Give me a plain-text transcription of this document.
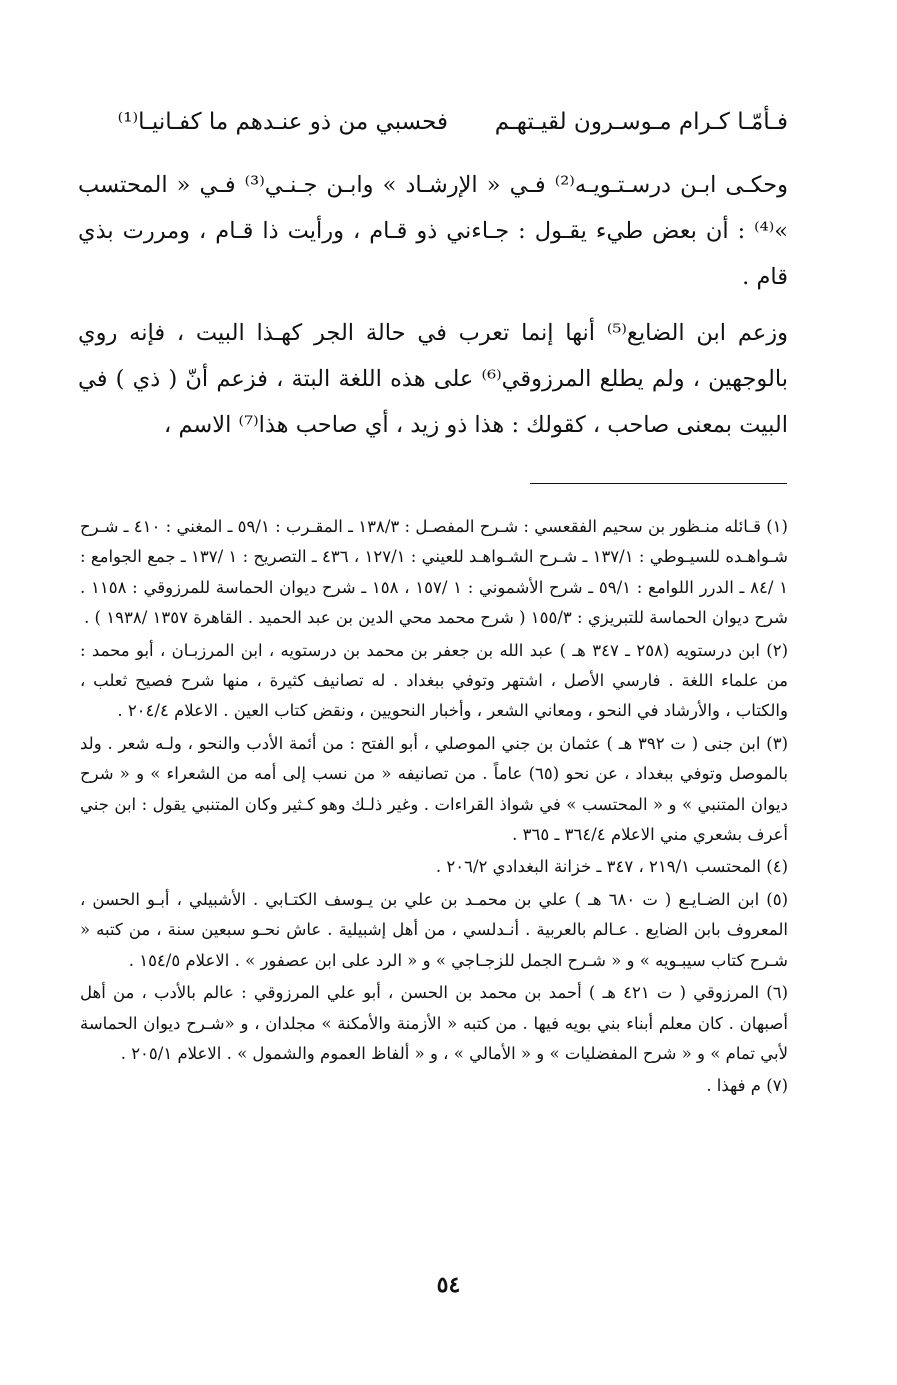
فـأمّـا كـرام مـوسـرون لقيـتهـم
فحسبي من ذو عنـدهم ما كفـانيـا⁽¹⁾

وحكـى ابـن درسـتـويـه⁽²⁾ فـي « الإرشـاد » وابـن جـنـي⁽³⁾ فـي « المحتسب »⁽⁴⁾ : أن بعض طيء يقـول : جـاءني ذو قـام ، ورأيت ذا قـام ، ومررت بذي قام .

وزعم ابن الضايع⁽⁵⁾ أنها إنما تعرب في حالة الجر كهـذا البيت ، فإنه روي بالوجهين ، ولم يطلع المرزوقي⁽⁶⁾ على هذه اللغة البتة ، فزعم أنّ ( ذي ) في البيت بمعنى صاحب ، كقولك : هذا ذو زيد ، أي صاحب هذا⁽⁷⁾ الاسم ،

(١) قـائله منـظور بن سحيم الفقعسي : شـرح المفصـل : ١٣٨/٣ ـ المقـرب : ٥٩/١ ـ المغني : ٤١٠ ـ شـرح شـواهـده للسيـوطي : ١٣٧/١ ـ شـرح الشـواهـد للعيني : ١٢٧/١ ، ٤٣٦ ـ التصريح : ١ /١٣٧ ـ جمع الجوامع : ١ /٨٤ ـ الدرر اللوامع : ٥٩/١ ـ شرح الأشموني : ١ /١٥٧ ، ١٥٨ ـ شرح ديوان الحماسة للمرزوقي : ١١٥٨ . شرح ديوان الحماسة للتبريزي : ١٥٥/٣ ( شرح محمد محي الدين بن عبد الحميد . القاهرة ١٣٥٧ /١٩٣٨ ) .

(٢) ابن درستويه (٢٥٨ ـ ٣٤٧ هـ ) عبد الله بن جعفر بن محمد بن درستويه ، ابن المرزبـان ، أبو محمد : من علماء اللغة . فارسي الأصل ، اشتهر وتوفي ببغداد . له تصانيف كثيرة ، منها شرح فصيح ثعلب ، والكتاب ، والأرشاد في النحو ، ومعاني الشعر ، وأخبار النحويين ، ونقض كتاب العين . الاعلام ٢٠٤/٤ .

(٣) ابن جنى ( ت ٣٩٢ هـ ) عثمان بن جني الموصلي ، أبو الفتح : من أئمة الأدب والنحو ، ولـه شعر . ولد بالموصل وتوفي ببغداد ، عن نحو (٦٥) عاماً . من تصانيفه « من نسب إلى أمه من الشعراء » و « شرح ديوان المتنبي » و « المحتسب » في شواذ القراءات . وغير ذلـك وهو كـثير وكان المتنبي يقول : ابن جني أعرف بشعري مني الاعلام ٣٦٤/٤ ـ ٣٦٥ .

(٤) المحتسب ٢١٩/١ ، ٣٤٧ ـ خزانة البغدادي ٢٠٦/٢ .

(٥) ابن الضـايـع ( ت ٦٨٠ هـ ) علي بن محمـد بن علي بن يـوسف الكتـابي . الأشبيلي ، أبـو الحسن ، المعروف بابن الضايع . عـالم بالعربية . أنـدلسي ، من أهل إشبيلية . عاش نحـو سبعين سنة ، من كتبه « شـرح كتاب سيبـويه » و « شـرح الجمل للزجـاجي » و « الرد على ابن عصفور » . الاعلام ١٥٤/٥ .

(٦) المرزوقي ( ت ٤٢١ هـ ) أحمد بن محمد بن الحسن ، أبو علي المرزوقي : عالم بالأدب ، من أهل أصبهان . كان معلم أبناء بني بويه فيها . من كتبه « الأزمنة والأمكنة » مجلدان ، و «شـرح ديوان الحماسة لأبي تمام » و « شرح المفضليات » و « الأمالي » ، و « ألفاظ العموم والشمول » . الاعلام ٢٠٥/١ .

(٧) م فهذا .

٥٤
